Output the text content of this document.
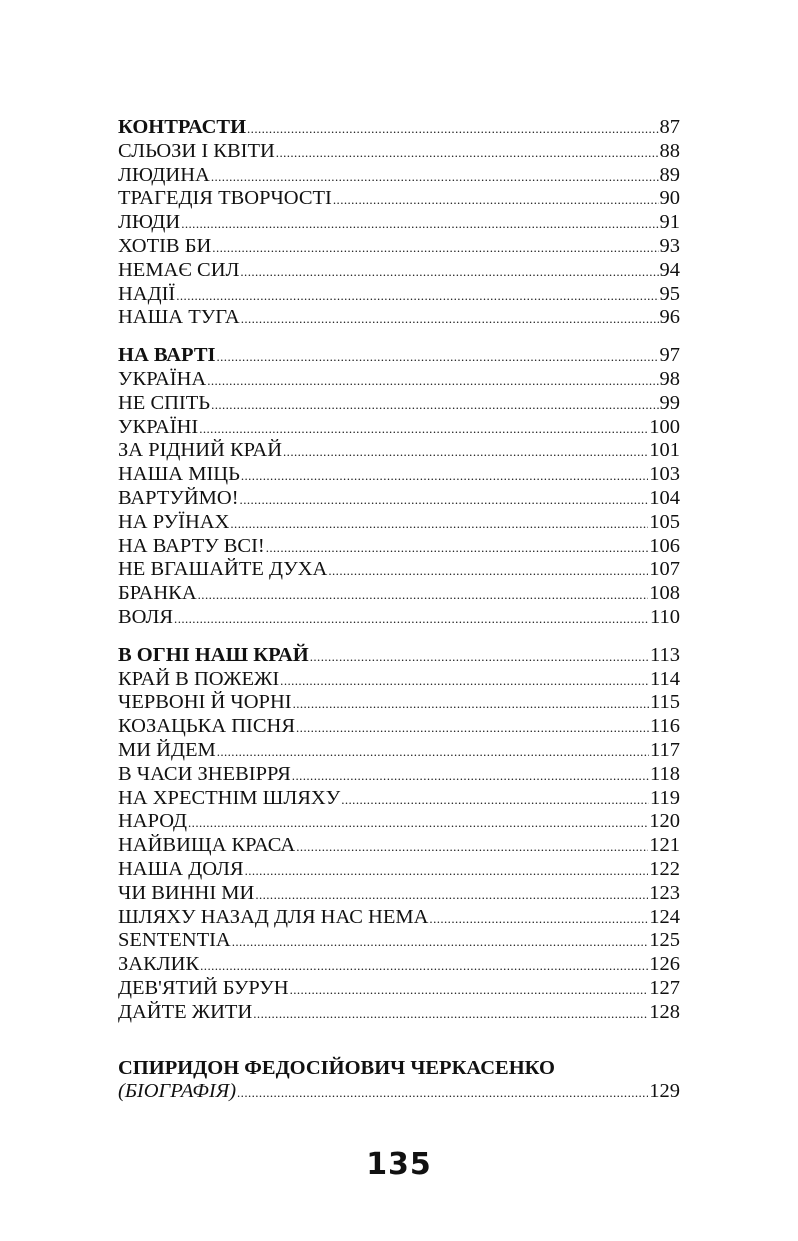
КОНТРАСТИ .....	87
СЛЬОЗИ І КВІТИ .....	88
ЛЮДИНА .....	89
ТРАГЕДІЯ ТВОРЧОСТІ .....	90
ЛЮДИ .....	91
ХОТІВ БИ .....	93
НЕМАЄ СИЛ .....	94
НАДІЇ .....	95
НАША ТУГА .....	96
НА ВАРТІ .....	97
УКРАЇНА .....	98
НЕ СПІТЬ .....	99
УКРАЇНІ .....	100
ЗА РІДНИЙ КРАЙ .....	101
НАША МІЦЬ .....	103
ВАРТУЙМО! .....	104
НА РУЇНАХ .....	105
НА ВАРТУ ВСІ! .....	106
НЕ ВГАШАЙТЕ ДУХА .....	107
БРАНКА .....	108
ВОЛЯ .....	110
В ОГНІ НАШ КРАЙ .....	113
КРАЙ В ПОЖЕЖІ .....	114
ЧЕРВОНІ Й ЧОРНІ .....	115
КОЗАЦЬКА ПІСНЯ .....	116
МИ ЙДЕМ .....	117
В ЧАСИ ЗНЕВІРРЯ .....	118
НА ХРЕСТНІМ ШЛЯХУ .....	119
НАРОД .....	120
НАЙВИЩА КРАСА .....	121
НАША ДОЛЯ .....	122
ЧИ ВИННІ МИ .....	123
ШЛЯХУ НАЗАД ДЛЯ НАС НЕМА .....	124
SENTENTIA .....	125
ЗАКЛИК .....	126
ДЕВ'ЯТИЙ БУРУН .....	127
ДАЙТЕ ЖИТИ .....	128
СПИРИДОН ФЕДОСІЙОВИЧ ЧЕРКАСЕНКО
(БІОГРАФІЯ) .....	129
135
